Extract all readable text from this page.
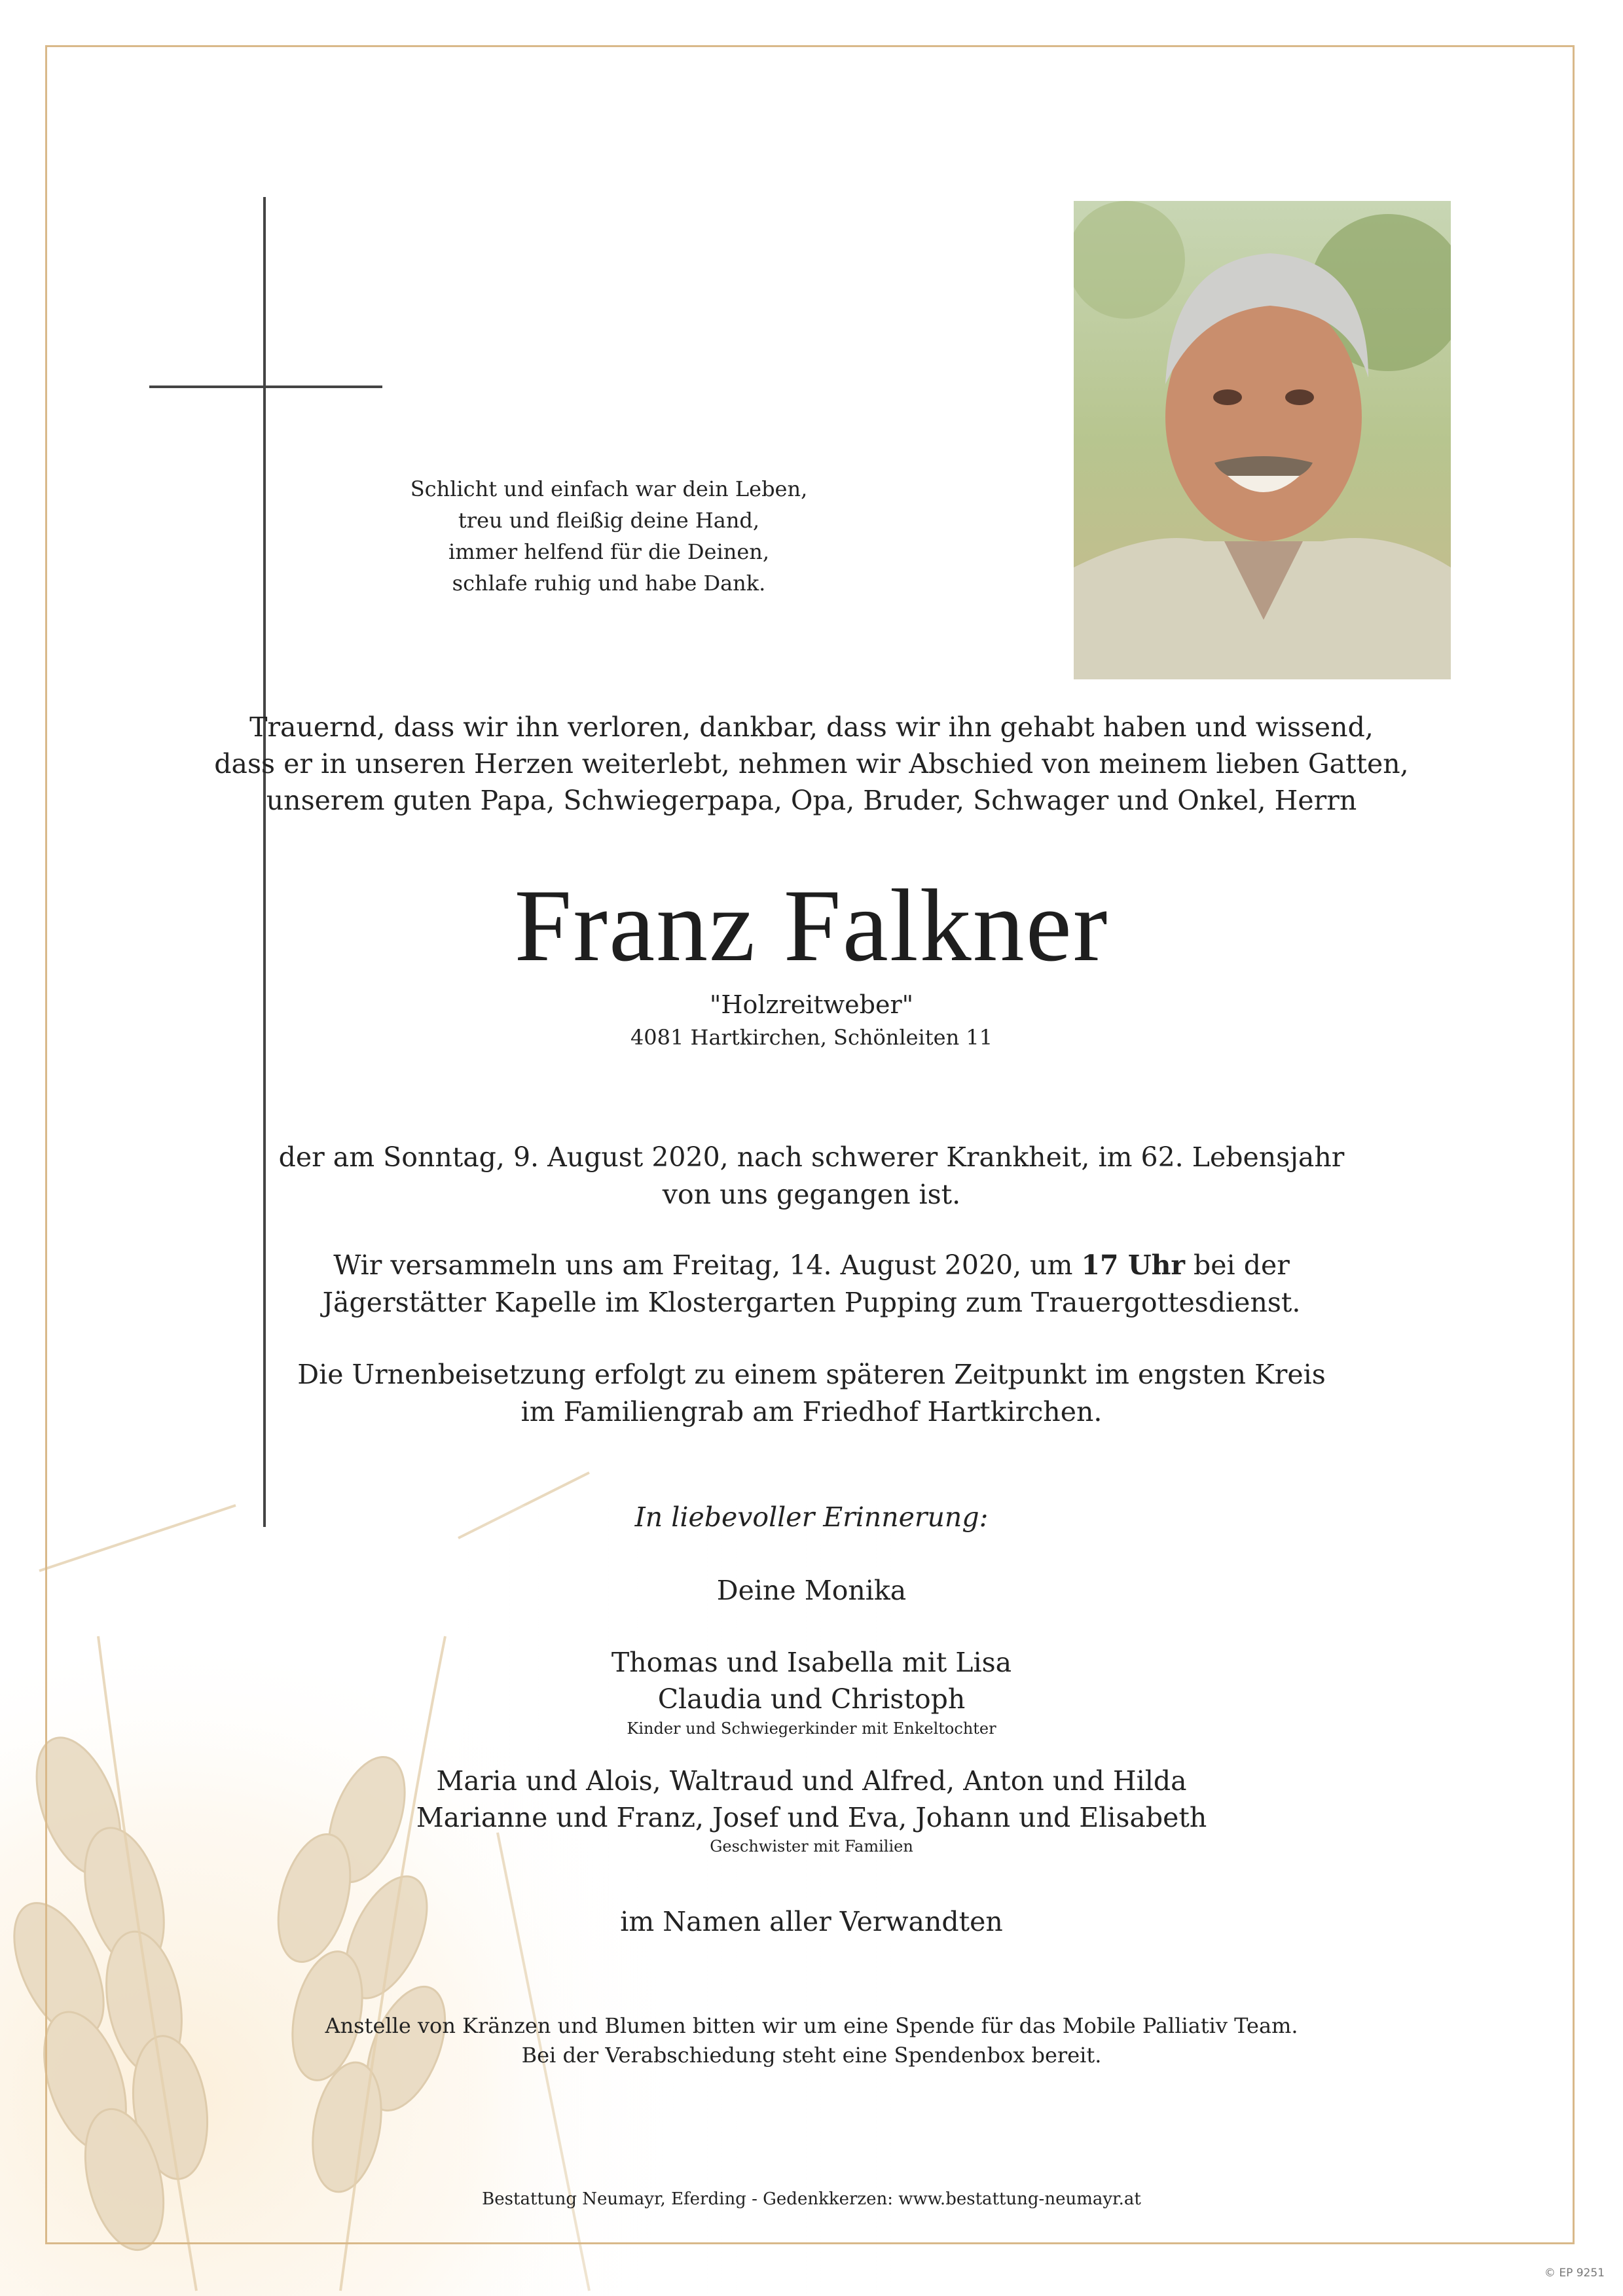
Schlicht und einfach war dein Leben,
treu und fleißig deine Hand,
immer helfend für die Deinen,
schlafe ruhig und habe Dank.
Trauernd, dass wir ihn verloren, dankbar, dass wir ihn gehabt haben und wissend,
dass er in unseren Herzen weiterlebt, nehmen wir Abschied von meinem lieben Gatten,
unserem guten Papa, Schwiegerpapa, Opa, Bruder, Schwager und Onkel, Herrn
Franz Falkner
"Holzreitweber"
4081 Hartkirchen, Schönleiten 11
der am Sonntag, 9. August 2020, nach schwerer Krankheit, im 62. Lebensjahr
von uns gegangen ist.
Wir versammeln uns am Freitag, 14. August 2020, um 17 Uhr bei der
Jägerstätter Kapelle im Klostergarten Pupping zum Trauergottesdienst.
Die Urnenbeisetzung erfolgt zu einem späteren Zeitpunkt im engsten Kreis
im Familiengrab am Friedhof Hartkirchen.
In liebevoller Erinnerung:
Deine Monika
Thomas und Isabella mit Lisa
Claudia und Christoph
Kinder und Schwiegerkinder mit Enkeltochter
Maria und Alois, Waltraud und Alfred, Anton und Hilda
Marianne und Franz, Josef und Eva, Johann und Elisabeth
Geschwister mit Familien
im Namen aller Verwandten
Anstelle von Kränzen und Blumen bitten wir um eine Spende für das Mobile Palliativ Team.
Bei der Verabschiedung steht eine Spendenbox bereit.
Bestattung Neumayr, Eferding - Gedenkkerzen: www.bestattung-neumayr.at
© EP 9251
